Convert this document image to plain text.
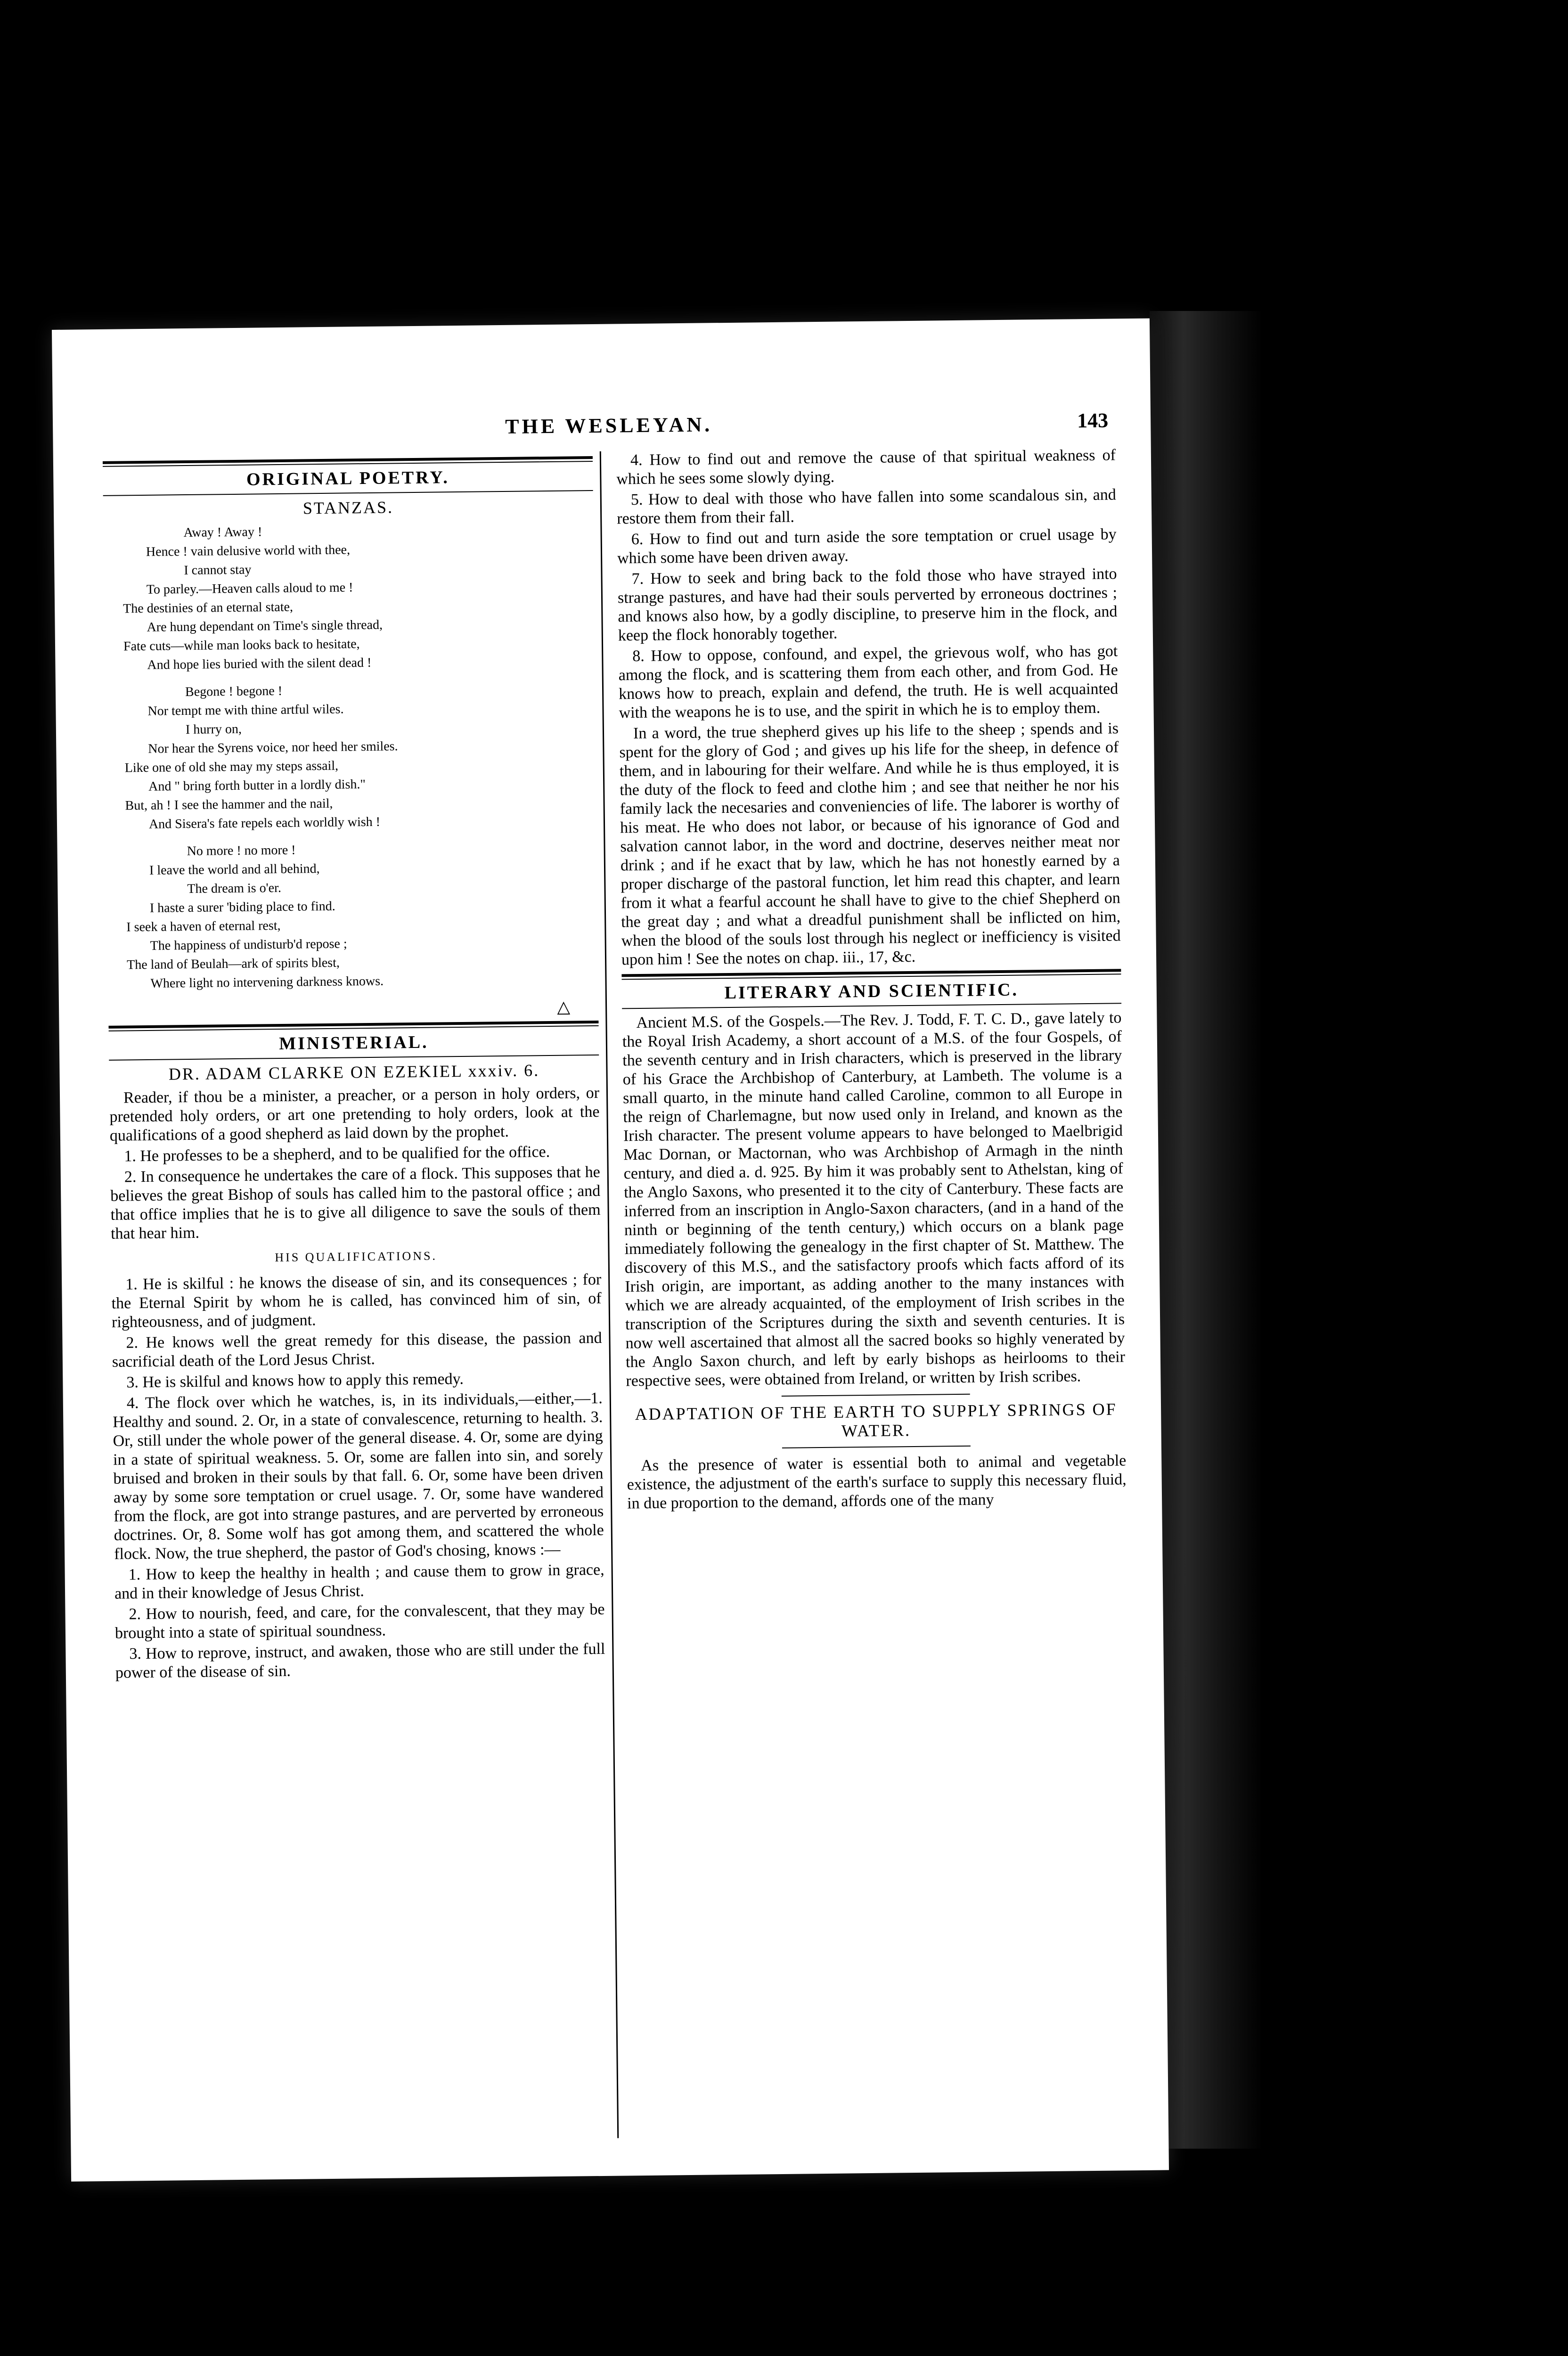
THE WESLEYAN.	143
ORIGINAL POETRY.
STANZAS.
Away ! Away !
Hence ! vain delusive world with thee,
I cannot stay
To parley.—Heaven calls aloud to me !
The destinies of an eternal state,
Are hung dependant on Time's single thread,
Fate cuts—while man looks back to hesitate,
And hope lies buried with the silent dead !
Begone ! begone !
Nor tempt me with thine artful wiles.
I hurry on,
Nor hear the Syrens voice, nor heed her smiles.
Like one of old she may my steps assail,
And " bring forth butter in a lordly dish."
But, ah ! I see the hammer and the nail,
And Sisera's fate repels each worldly wish !
No more ! no more !
I leave the world and all behind,
The dream is o'er.
I haste a surer 'biding place to find.
I seek a haven of eternal rest,
The happiness of undisturb'd repose ;
The land of Beulah—ark of spirits blest,
Where light no intervening darkness knows.
△
MINISTERIAL.
DR. ADAM CLARKE ON EZEKIEL xxxiv. 6.

Reader, if thou be a minister, a preacher, or a person in holy orders, or pretended holy orders, or art one pretending to holy orders, look at the qualifications of a good shepherd as laid down by the prophet.

1. He professes to be a shepherd, and to be qualified for the office.

2. In consequence he undertakes the care of a flock. This supposes that he believes the great Bishop of souls has called him to the pastoral office ; and that office implies that he is to give all diligence to save the souls of them that hear him.

HIS QUALIFICATIONS.

1. He is skilful : he knows the disease of sin, and its consequences ; for the Eternal Spirit by whom he is called, has convinced him of sin, of righteousness, and of judgment.

2. He knows well the great remedy for this disease, the passion and sacrificial death of the Lord Jesus Christ.

3. He is skilful and knows how to apply this remedy.

4. The flock over which he watches, is, in its individuals,—either,—1. Healthy and sound. 2. Or, in a state of convalescence, returning to health. 3. Or, still under the whole power of the general disease. 4. Or, some are dying in a state of spiritual weakness. 5. Or, some are fallen into sin, and sorely bruised and broken in their souls by that fall. 6. Or, some have been driven away by some sore temptation or cruel usage. 7. Or, some have wandered from the flock, are got into strange pastures, and are perverted by erroneous doctrines. Or, 8. Some wolf has got among them, and scattered the whole flock. Now, the true shepherd, the pastor of God's chosing, knows :—

1. How to keep the healthy in health ; and cause them to grow in grace, and in their knowledge of Jesus Christ.

2. How to nourish, feed, and care, for the convalescent, that they may be brought into a state of spiritual soundness.

3. How to reprove, instruct, and awaken, those who are still under the full power of the disease of sin.

4. How to find out and remove the cause of that spiritual weakness of which he sees some slowly dying.

5. How to deal with those who have fallen into some scandalous sin, and restore them from their fall.

6. How to find out and turn aside the sore temptation or cruel usage by which some have been driven away.

7. How to seek and bring back to the fold those who have strayed into strange pastures, and have had their souls perverted by erroneous doctrines ; and knows also how, by a godly discipline, to preserve him in the flock, and keep the flock honorably together.

8. How to oppose, confound, and expel, the grievous wolf, who has got among the flock, and is scattering them from each other, and from God. He knows how to preach, explain and defend, the truth. He is well acquainted with the weapons he is to use, and the spirit in which he is to employ them.

In a word, the true shepherd gives up his life to the sheep ; spends and is spent for the glory of God ; and gives up his life for the sheep, in defence of them, and in labouring for their welfare. And while he is thus employed, it is the duty of the flock to feed and clothe him ; and see that neither he nor his family lack the necesaries and conveniencies of life. The laborer is worthy of his meat. He who does not labor, or because of his ignorance of God and salvation cannot labor, in the word and doctrine, deserves neither meat nor drink ; and if he exact that by law, which he has not honestly earned by a proper discharge of the pastoral function, let him read this chapter, and learn from it what a fearful account he shall have to give to the chief Shepherd on the great day ; and what a dreadful punishment shall be inflicted on him, when the blood of the souls lost through his neglect or inefficiency is visited upon him ! See the notes on chap. iii., 17, &c.

LITERARY AND SCIENTIFIC.

Ancient M.S. of the Gospels.—The Rev. J. Todd, F. T. C. D., gave lately to the Royal Irish Academy, a short account of a M.S. of the four Gospels, of the seventh century and in Irish characters, which is preserved in the library of his Grace the Archbishop of Canterbury, at Lambeth. The volume is a small quarto, in the minute hand called Caroline, common to all Europe in the reign of Charlemagne, but now used only in Ireland, and known as the Irish character. The present volume appears to have belonged to Maelbrigid Mac Dornan, or Mactornan, who was Archbishop of Armagh in the ninth century, and died a. d. 925. By him it was probably sent to Athelstan, king of the Anglo Saxons, who presented it to the city of Canterbury. These facts are inferred from an inscription in Anglo-Saxon characters, (and in a hand of the ninth or beginning of the tenth century,) which occurs on a blank page immediately following the genealogy in the first chapter of St. Matthew. The discovery of this M.S., and the satisfactory proofs which facts afford of its Irish origin, are important, as adding another to the many instances with which we are already acquainted, of the employment of Irish scribes in the transcription of the Scriptures during the sixth and seventh centuries. It is now well ascertained that almost all the sacred books so highly venerated by the Anglo Saxon church, and left by early bishops as heirlooms to their respective sees, were obtained from Ireland, or written by Irish scribes.

ADAPTATION OF THE EARTH TO SUPPLY SPRINGS OF WATER.

As the presence of water is essential both to animal and vegetable existence, the adjustment of the earth's surface to supply this necessary fluid, in due proportion to the demand, affords one of the many
